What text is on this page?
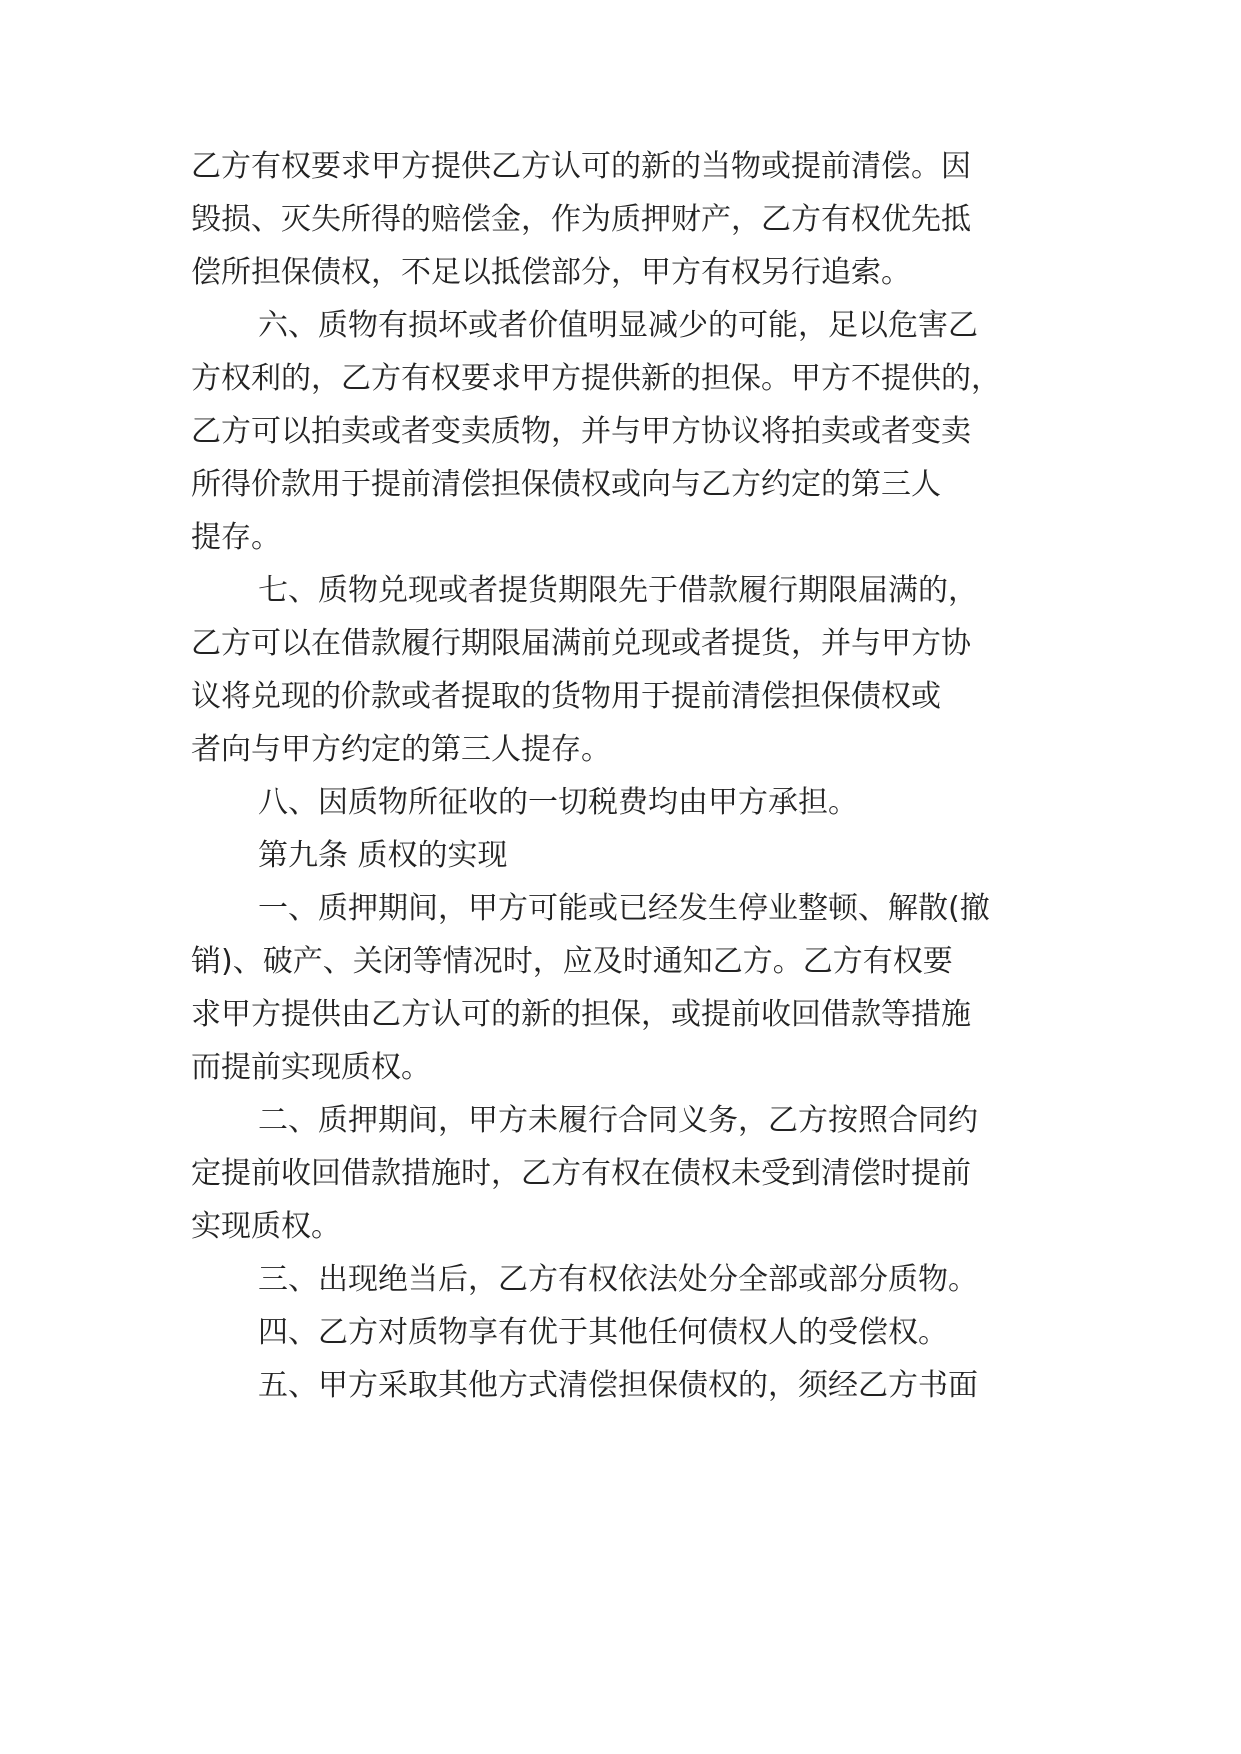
乙方有权要求甲方提供乙方认可的新的当物或提前清偿。因
毁损、灭失所得的赔偿金，作为质押财产，乙方有权优先抵
偿所担保债权，不足以抵偿部分，甲方有权另行追索。
六、质物有损坏或者价值明显减少的可能，足以危害乙
方权利的，乙方有权要求甲方提供新的担保。甲方不提供的，
乙方可以拍卖或者变卖质物，并与甲方协议将拍卖或者变卖
所得价款用于提前清偿担保债权或向与乙方约定的第三人
提存。
七、质物兑现或者提货期限先于借款履行期限届满的，
乙方可以在借款履行期限届满前兑现或者提货，并与甲方协
议将兑现的价款或者提取的货物用于提前清偿担保债权或
者向与甲方约定的第三人提存。
八、因质物所征收的一切税费均由甲方承担。
第九条 质权的实现
一、质押期间，甲方可能或已经发生停业整顿、解散(撤
销)、破产、关闭等情况时，应及时通知乙方。乙方有权要
求甲方提供由乙方认可的新的担保，或提前收回借款等措施
而提前实现质权。
二、质押期间，甲方未履行合同义务，乙方按照合同约
定提前收回借款措施时，乙方有权在债权未受到清偿时提前
实现质权。
三、出现绝当后，乙方有权依法处分全部或部分质物。
四、乙方对质物享有优于其他任何债权人的受偿权。
五、甲方采取其他方式清偿担保债权的，须经乙方书面
